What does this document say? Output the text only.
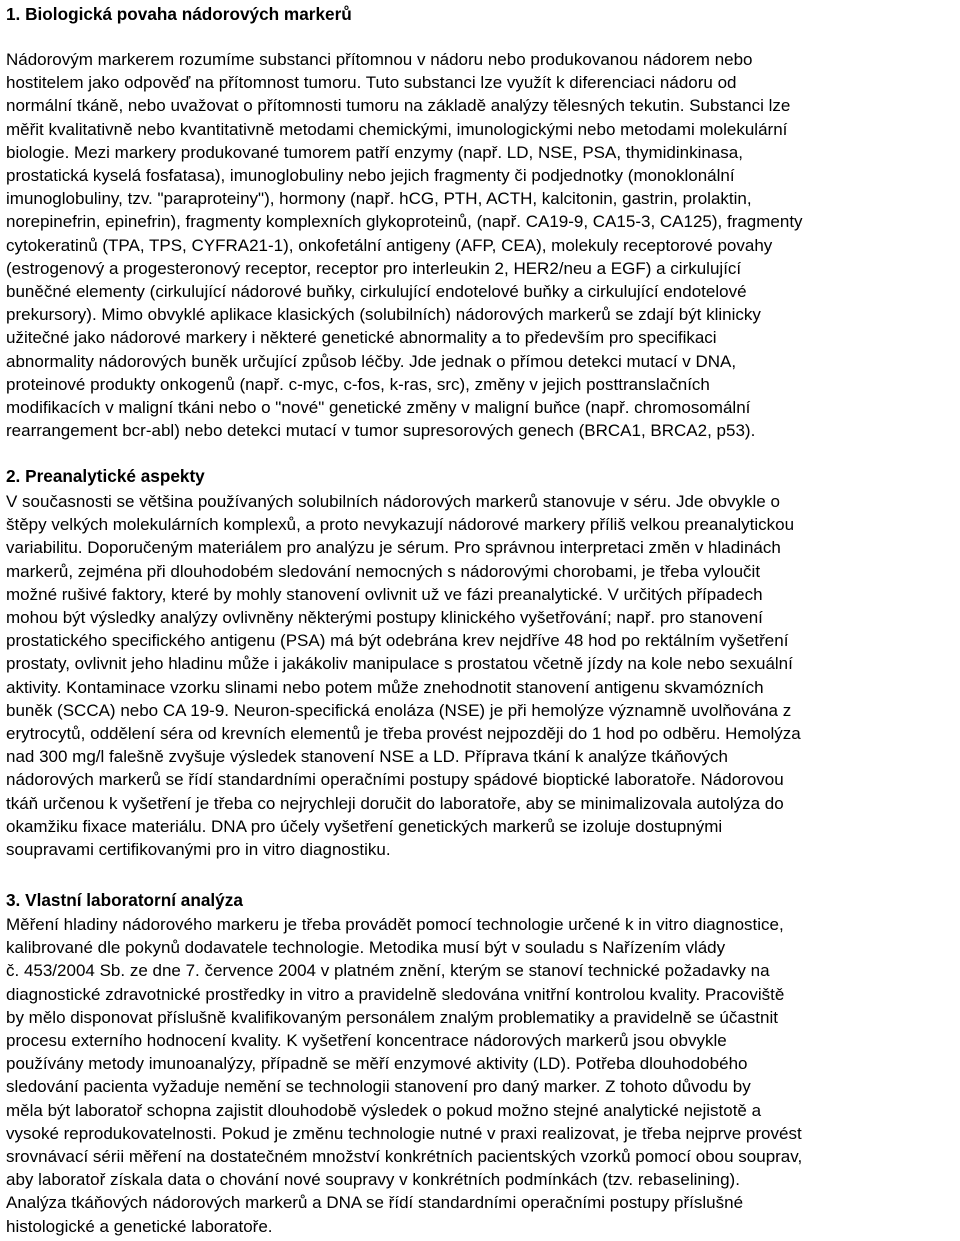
1. Biologická povaha nádorových markerů

Nádorovým markerem rozumíme substanci přítomnou v nádoru nebo produkovanou nádorem nebo
hostitelem jako odpověď na přítomnost tumoru. Tuto substanci lze využít k diferenciaci nádoru od
normální tkáně, nebo uvažovat o přítomnosti tumoru na základě analýzy tělesných tekutin. Substanci lze
měřit kvalitativně nebo kvantitativně metodami chemickými, imunologickými nebo metodami molekulární
biologie. Mezi markery produkované tumorem patří enzymy (např. LD, NSE, PSA, thymidinkinasa,
prostatická kyselá fosfatasa), imunoglobuliny nebo jejich fragmenty či podjednotky (monoklonální
imunoglobuliny, tzv. "paraproteiny"), hormony (např. hCG, PTH, ACTH, kalcitonin, gastrin, prolaktin,
norepinefrin, epinefrin), fragmenty komplexních glykoproteinů, (např. CA19-9, CA15-3, CA125), fragmenty
cytokeratinů (TPA, TPS, CYFRA21-1), onkofetální antigeny (AFP, CEA), molekuly receptorové povahy
(estrogenový a progesteronový receptor, receptor pro interleukin 2, HER2/neu a EGF) a cirkulující
buněčné elementy (cirkulující nádorové buňky, cirkulující endotelové buňky a cirkulující endotelové
prekursory). Mimo obvyklé aplikace klasických (solubilních) nádorových markerů se zdají být klinicky
užitečné jako nádorové markery i některé genetické abnormality a to především pro specifikaci
abnormality nádorových buněk určující způsob léčby. Jde jednak o přímou detekci mutací v DNA,
proteinové produkty onkogenů (např. c-myc, c-fos, k-ras, src), změny v jejich posttranslačních
modifikacích v maligní tkáni nebo o "nové" genetické změny v maligní buňce (např. chromosomální
rearrangement bcr-abl) nebo detekci mutací v tumor supresorových genech (BRCA1, BRCA2, p53).

2. Preanalytické aspekty

V současnosti se většina používaných solubilních nádorových markerů stanovuje v séru. Jde obvykle o
štěpy velkých molekulárních komplexů, a proto nevykazují nádorové markery příliš velkou preanalytickou
variabilitu. Doporučeným materiálem pro analýzu je sérum. Pro správnou interpretaci změn v hladinách
markerů, zejména při dlouhodobém sledování nemocných s nádorovými chorobami, je třeba vyloučit
možné rušivé faktory, které by mohly stanovení ovlivnit už ve fázi preanalytické. V určitých případech
mohou být výsledky analýzy ovlivněny některými postupy klinického vyšetřování; např. pro stanovení
prostatického specifického antigenu (PSA) má být odebrána krev nejdříve 48 hod po rektálním vyšetření
prostaty, ovlivnit jeho hladinu může i jakákoliv manipulace s prostatou včetně jízdy na kole nebo sexuální
aktivity. Kontaminace vzorku slinami nebo potem může znehodnotit stanovení antigenu skvamózních
buněk (SCCA) nebo CA 19-9. Neuron-specifická enoláza (NSE) je při hemolýze významně uvolňována z
erytrocytů, oddělení séra od krevních elementů je třeba provést nejpozději do 1 hod po odběru. Hemolýza
nad 300 mg/l falešně zvyšuje výsledek stanovení NSE a LD. Příprava tkání k analýze tkáňových
nádorových markerů se řídí standardními operačními postupy spádové bioptické laboratoře. Nádorovou
tkáň určenou k vyšetření je třeba co nejrychleji doručit do laboratoře, aby se minimalizovala autolýza do
okamžiku fixace materiálu. DNA pro účely vyšetření genetických markerů se izoluje dostupnými
soupravami certifikovanými pro in vitro diagnostiku.

3. Vlastní laboratorní analýza

Měření hladiny nádorového markeru je třeba provádět pomocí technologie určené k in vitro diagnostice,
kalibrované dle pokynů dodavatele technologie. Metodika musí být v souladu s Nařízením vlády
č. 453/2004 Sb. ze dne 7. července 2004 v platném znění, kterým se stanoví technické požadavky na
diagnostické zdravotnické prostředky in vitro a pravidelně sledována vnitřní kontrolou kvality. Pracoviště
by mělo disponovat příslušně kvalifikovaným personálem znalým problematiky a pravidelně se účastnit
procesu externího hodnocení kvality. K vyšetření koncentrace nádorových markerů jsou obvykle
používány metody imunoanalýzy, případně se měří enzymové aktivity (LD). Potřeba dlouhodobého
sledování pacienta vyžaduje nemění se technologii stanovení pro daný marker. Z tohoto důvodu by
měla být laboratoř schopna zajistit dlouhodobě výsledek o pokud možno stejné analytické nejistotě a
vysoké reprodukovatelnosti. Pokud je změnu technologie nutné v praxi realizovat, je třeba nejprve provést
srovnávací sérii měření na dostatečném množství konkrétních pacientských vzorků pomocí obou souprav,
aby laboratoř získala data o chování nové soupravy v konkrétních podmínkách (tzv. rebaselining).
Analýza tkáňových nádorových markerů a DNA se řídí standardními operačními postupy příslušné
histologické a genetické laboratoře.
